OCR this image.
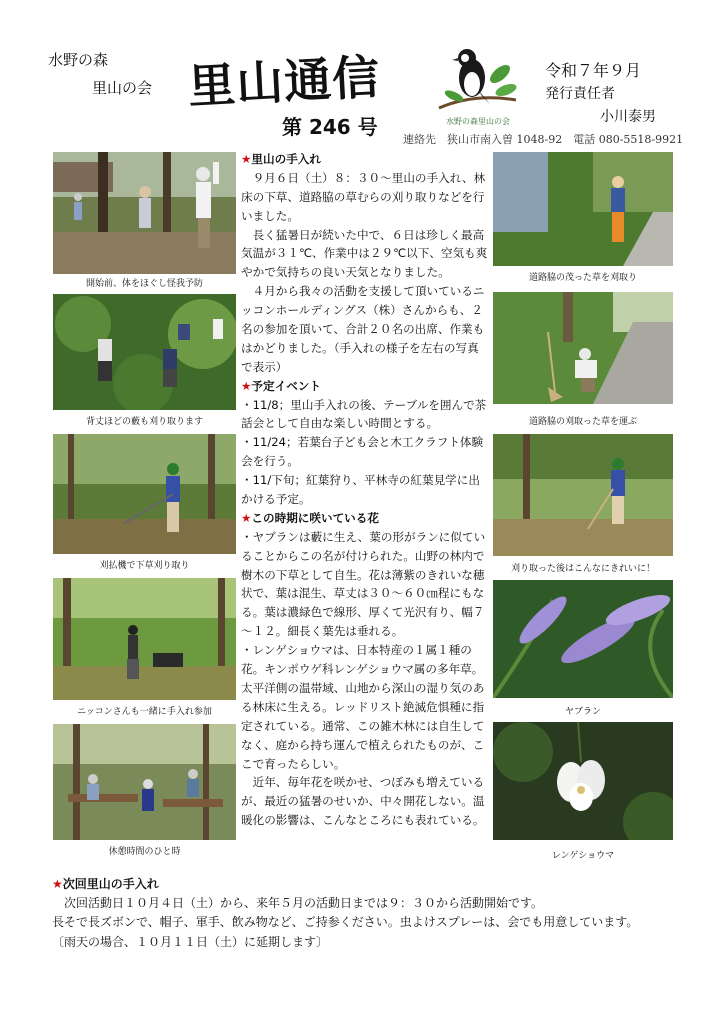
水野の森
里山の会 里山通信
第 246 号	水野の森里山の会
令和７年９月
発行責任者
小川泰男
連絡先　狭山市南入曽 1048-92　電話 080-5518-9921
開始前、体をほぐし怪我予防
背丈ほどの藪も刈り取ります
刈払機で下草刈り取り
ニッコンさんも一緒に手入れ参加
休憩時間のひと時
道路脇の茂った草を刈取り
道路脇の刈取った草を運ぶ
刈り取った後はこんなにきれいに！
ヤブラン
レンゲショウマ

★里山の手入れ

９月６日（土）８：３０～里山の手入れ、林床の下草、道路脇の草むらの刈り取りなどを行いました。

長く猛暑日が続いた中で、６日は珍しく最高気温が３１℃、作業中は２９℃以下、空気も爽やかで気持ちの良い天気となりました。

４月から我々の活動を支援して頂いているニッコンホールディングス（株）さんからも、２名の参加を頂いて、合計２０名の出席、作業もはかどりました。（手入れの様子を左右の写真で表示）

★予定イベント

・11/8；里山手入れの後、テーブルを囲んで茶話会として自由な楽しい時間とする。

・11/24；若葉台子ども会と木工クラフト体験会を行う。

・11/下旬；紅葉狩り、平林寺の紅葉見学に出かける予定。

★この時期に咲いている花

・ヤブランは藪に生え、葉の形がランに似ていることからこの名が付けられた。山野の林内で樹木の下草として自生。花は薄紫のきれいな穂状で、葉は混生、草丈は３０～６０㎝程にもなる。葉は濃緑色で線形、厚くて光沢有り、幅７～１２。細長く葉先は垂れる。

・レンゲショウマは、日本特産の１属１種の花。キンポウゲ科レンゲショウマ属の多年草。太平洋側の温帯域、山地から深山の湿り気のある林床に生える。レッドリスト絶滅危惧種に指定されている。通常、この雑木林には自生してなく、庭から持ち運んで植えられたものが、ここで育ったらしい。

近年、毎年花を咲かせ、つぼみも増えているが、最近の猛暑のせいか、中々開花しない。温暖化の影響は、こんなところにも表れている。

★次回里山の手入れ

次回活動日１０月４日（土）から、来年５月の活動日までは９：３０から活動開始です。

長そで長ズボンで、帽子、軍手、飲み物など、ご持参ください。虫よけスプレーは、会でも用意しています。

〔雨天の場合、１０月１１日（土）に延期します〕
